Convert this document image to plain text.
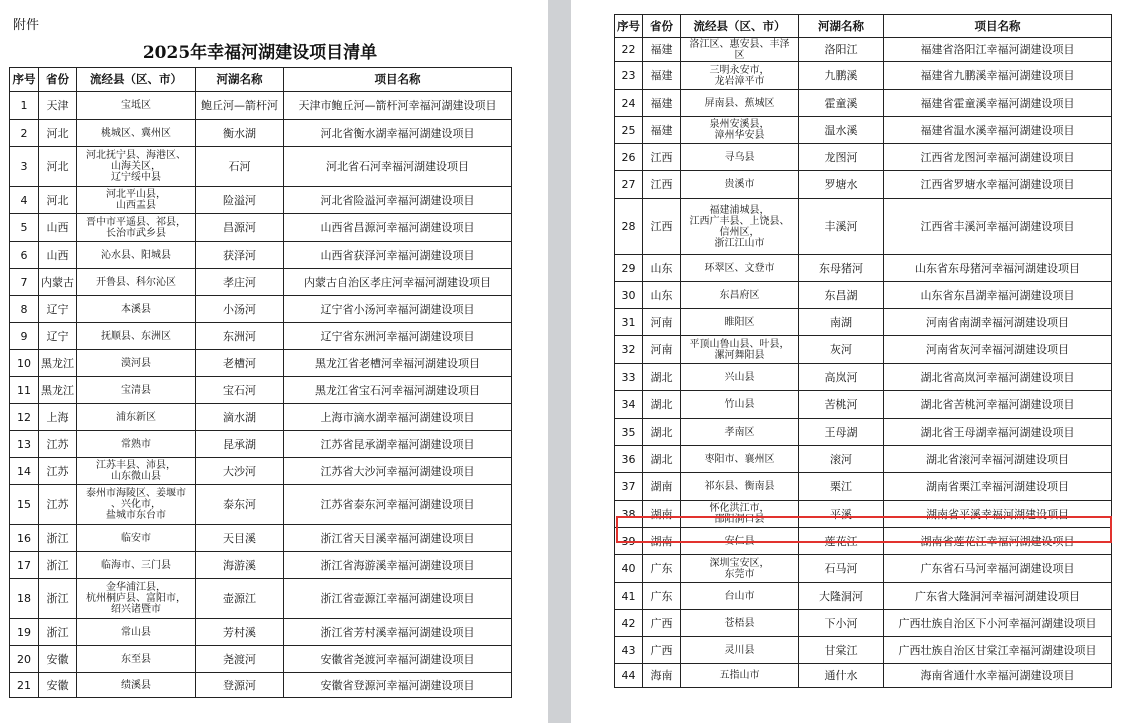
附件
2025年幸福河湖建设项目清单
序号	省份	流经县（区、市）	河湖名称	项目名称
1	天津	宝坻区	鲍丘河—箭杆河	天津市鲍丘河—箭杆河幸福河湖建设项目
2	河北	桃城区、冀州区	衡水湖	河北省衡水湖幸福河湖建设项目
3	河北	河北抚宁县、海港区、
山海关区，
辽宁绥中县	石河	河北省石河幸福河湖建设项目
4	河北	河北平山县，
山西盂县	险溢河	河北省险溢河幸福河湖建设项目
5	山西	晋中市平遥县、祁县，
长治市武乡县	昌源河	山西省昌源河幸福河湖建设项目
6	山西	沁水县、阳城县	获泽河	山西省获泽河幸福河湖建设项目
7	内蒙古	开鲁县、科尔沁区	孝庄河	内蒙古自治区孝庄河幸福河湖建设项目
8	辽宁	本溪县	小汤河	辽宁省小汤河幸福河湖建设项目
9	辽宁	抚顺县、东洲区	东洲河	辽宁省东洲河幸福河湖建设项目
10	黑龙江	漠河县	老槽河	黑龙江省老槽河幸福河湖建设项目
11	黑龙江	宝清县	宝石河	黑龙江省宝石河幸福河湖建设项目
12	上海	浦东新区	滴水湖	上海市滴水湖幸福河湖建设项目
13	江苏	常熟市	昆承湖	江苏省昆承湖幸福河湖建设项目
14	江苏	江苏丰县、沛县，
山东微山县	大沙河	江苏省大沙河幸福河湖建设项目
15	江苏	泰州市海陵区、姜堰市
、兴化市，
盐城市东台市	泰东河	江苏省泰东河幸福河湖建设项目
16	浙江	临安市	天目溪	浙江省天目溪幸福河湖建设项目
17	浙江	临海市、三门县	海游溪	浙江省海游溪幸福河湖建设项目
18	浙江	金华浦江县，
杭州桐庐县、富阳市，
绍兴诸暨市	壶源江	浙江省壶源江幸福河湖建设项目
19	浙江	常山县	芳村溪	浙江省芳村溪幸福河湖建设项目
20	安徽	东至县	尧渡河	安徽省尧渡河幸福河湖建设项目
21	安徽	绩溪县	登源河	安徽省登源河幸福河湖建设项目
序号	省份	流经县（区、市）	河湖名称	项目名称
22	福建	洛江区、惠安县、丰泽
区	洛阳江	福建省洛阳江幸福河湖建设项目
23	福建	三明永安市，
龙岩漳平市	九鹏溪	福建省九鹏溪幸福河湖建设项目
24	福建	屏南县、蕉城区	霍童溪	福建省霍童溪幸福河湖建设项目
25	福建	泉州安溪县，
漳州华安县	温水溪	福建省温水溪幸福河湖建设项目
26	江西	寻乌县	龙图河	江西省龙图河幸福河湖建设项目
27	江西	贵溪市	罗塘水	江西省罗塘水幸福河湖建设项目
28	江西	福建浦城县，
江西广丰县、上饶县、
信州区，
浙江江山市	丰溪河	江西省丰溪河幸福河湖建设项目
29	山东	环翠区、文登市	东母猪河	山东省东母猪河幸福河湖建设项目
30	山东	东昌府区	东昌湖	山东省东昌湖幸福河湖建设项目
31	河南	睢阳区	南湖	河南省南湖幸福河湖建设项目
32	河南	平顶山鲁山县、叶县，
漯河舞阳县	灰河	河南省灰河幸福河湖建设项目
33	湖北	兴山县	高岚河	湖北省高岚河幸福河湖建设项目
34	湖北	竹山县	苦桃河	湖北省苦桃河幸福河湖建设项目
35	湖北	孝南区	王母湖	湖北省王母湖幸福河湖建设项目
36	湖北	枣阳市、襄州区	滚河	湖北省滚河幸福河湖建设项目
37	湖南	祁东县、衡南县	栗江	湖南省栗江幸福河湖建设项目
38	湖南	怀化洪江市，
邵阳洞口县	平溪	湖南省平溪幸福河湖建设项目
39	湖南	安仁县	莲花江	湖南省莲花江幸福河湖建设项目
40	广东	深圳宝安区，
东莞市	石马河	广东省石马河幸福河湖建设项目
41	广东	台山市	大隆洞河	广东省大隆洞河幸福河湖建设项目
42	广西	苍梧县	下小河	广西壮族自治区下小河幸福河湖建设项目
43	广西	灵川县	甘棠江	广西壮族自治区甘棠江幸福河湖建设项目
44	海南	五指山市	通什水	海南省通什水幸福河湖建设项目
